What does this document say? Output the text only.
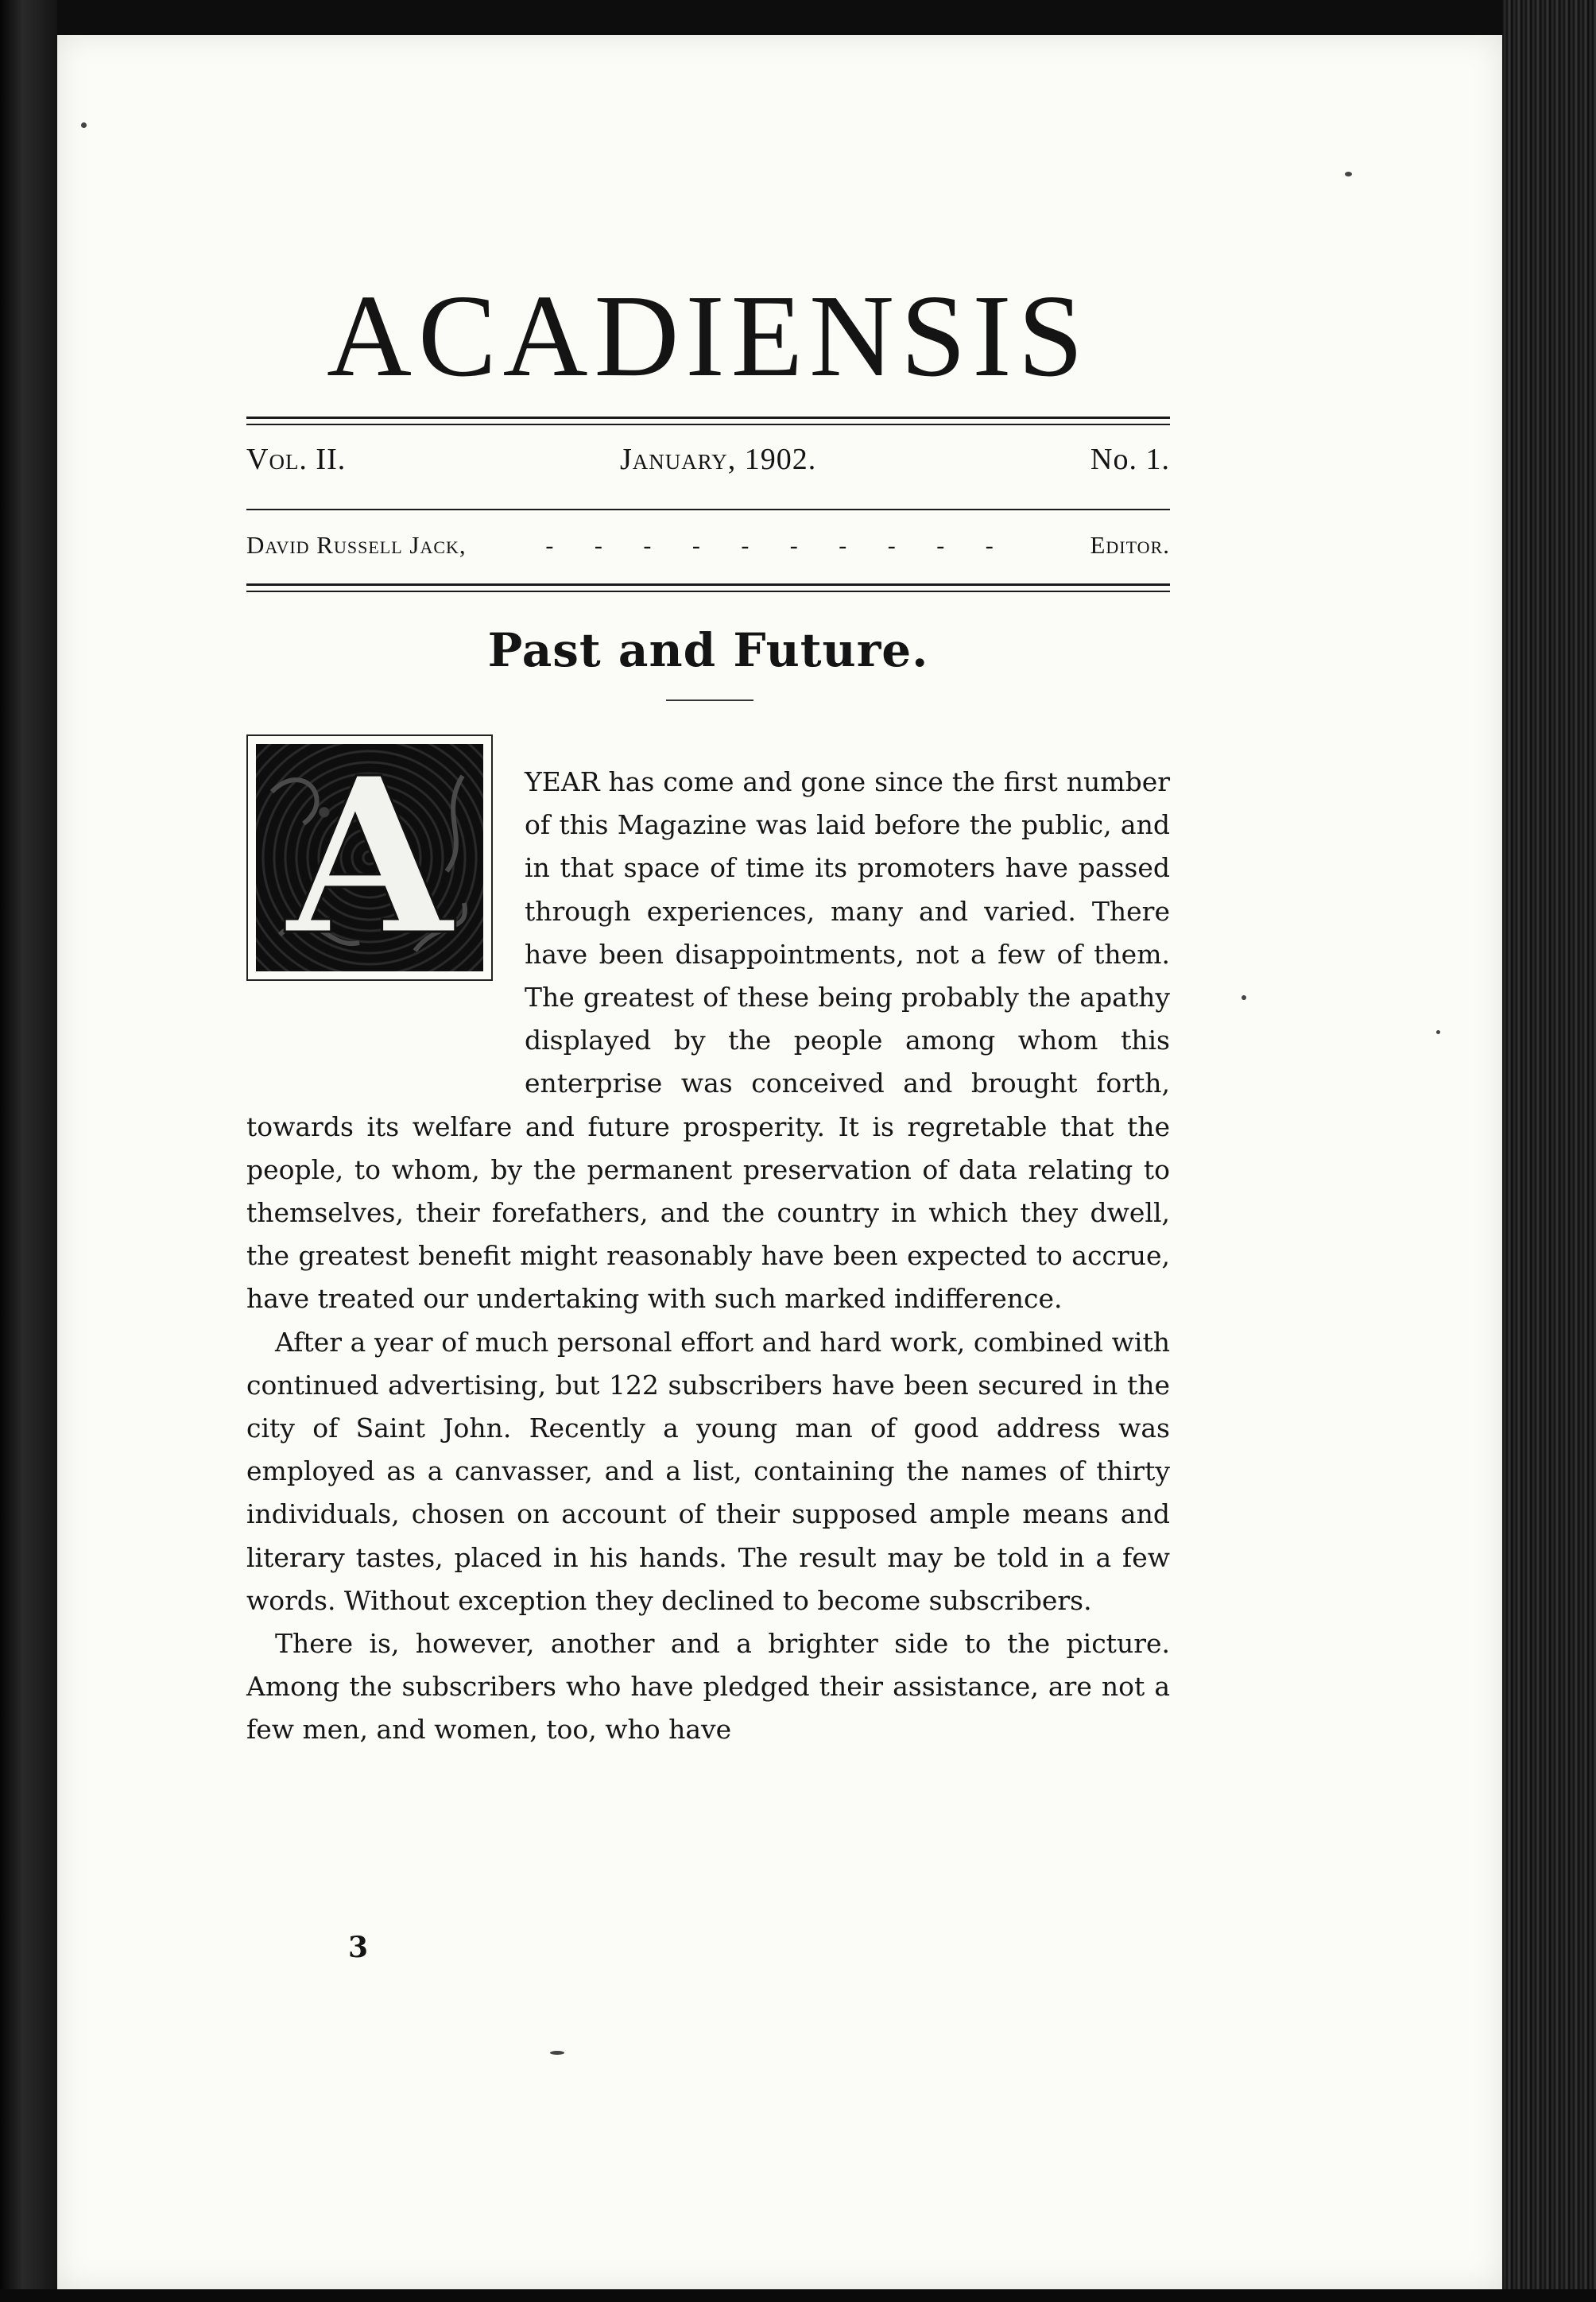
ACADIENSIS
Vol. II.	January, 1902.	No. 1.
David Russell Jack,	- - - - - - - - - -	Editor.
Past and Future.
A	YEAR has come and gone since the first number of this Magazine was laid before the public, and in that space of time its promoters have passed through experiences, many and varied. There have been disappointments, not a few of them. The greatest of these being probably the apathy displayed by the people among whom this enterprise was conceived and brought forth, towards its welfare and future prosperity. It is regretable that the people, to whom, by the permanent preservation of data relating to themselves, their forefathers, and the country in which they dwell, the greatest benefit might reasonably have been expected to accrue, have treated our undertaking with such marked indifference.

After a year of much personal effort and hard work, combined with continued advertising, but 122 subscribers have been secured in the city of Saint John. Recently a young man of good address was employed as a canvasser, and a list, containing the names of thirty individuals, chosen on account of their supposed ample means and literary tastes, placed in his hands. The result may be told in a few words. Without exception they declined to become subscribers.

There is, however, another and a brighter side to the picture. Among the subscribers who have pledged their assistance, are not a few men, and women, too, who have

3
